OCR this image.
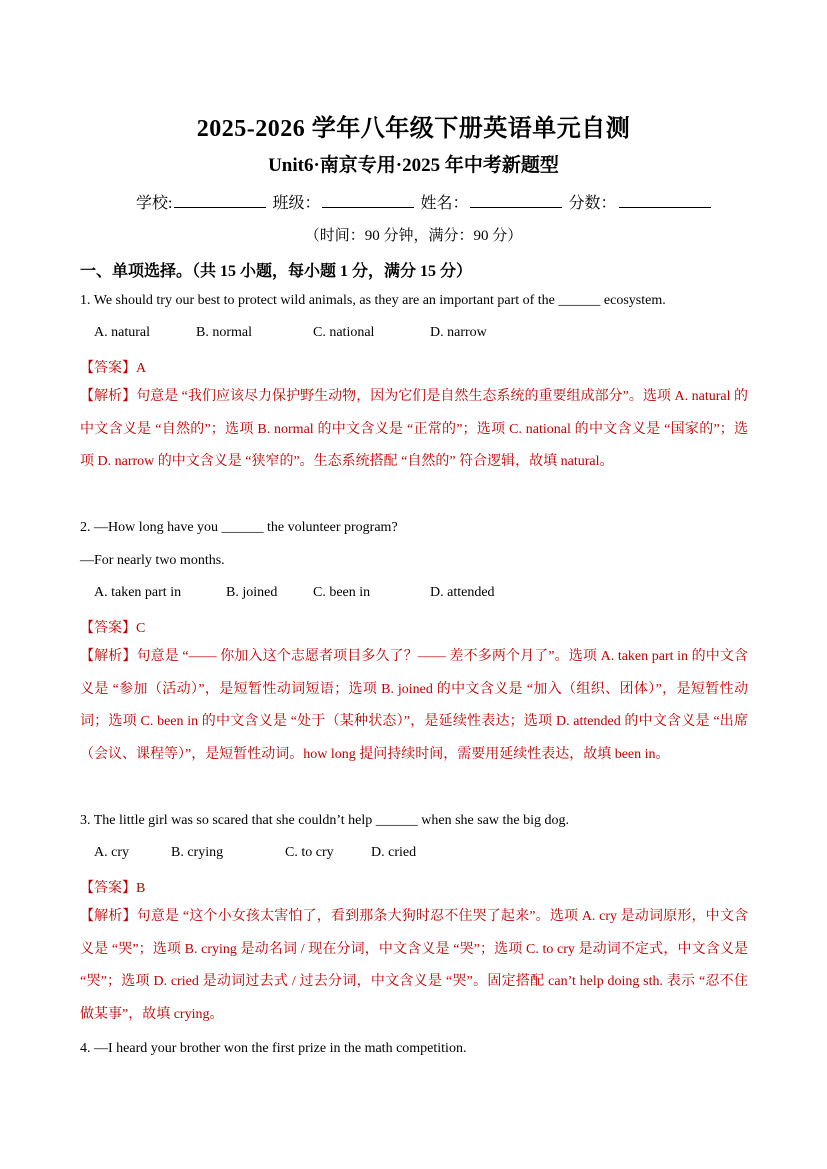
2025-2026 学年八年级下册英语单元自测
Unit6·南京专用·2025 年中考新题型
学校:	班级：	姓名：	分数：
（时间：90 分钟，满分：90 分）
一、单项选择。（共 15 小题，每小题 1 分，满分 15 分）
1. We should try our best to protect wild animals, as they are an important part of the ______ ecosystem.
A. natural	B. normal	C. national	D. narrow
【答案】A
【解析】句意是 “我们应该尽力保护野生动物，因为它们是自然生态系统的重要组成部分”。选项 A. natural 的中文含义是 “自然的”；选项 B. normal 的中文含义是 “正常的”；选项 C. national 的中文含义是 “国家的”；选项 D. narrow 的中文含义是 “狭窄的”。生态系统搭配 “自然的” 符合逻辑，故填 natural。
2. —How long have you ______ the volunteer program?
—For nearly two months.
A. taken part in	B. joined	C. been in	D. attended
【答案】C
【解析】句意是 “—— 你加入这个志愿者项目多久了？—— 差不多两个月了”。选项 A. taken part in 的中文含义是 “参加（活动）”，是短暂性动词短语；选项 B. joined 的中文含义是 “加入（组织、团体）”，是短暂性动词；选项 C. been in 的中文含义是 “处于（某种状态）”，是延续性表达；选项 D. attended 的中文含义是 “出席（会议、课程等）”，是短暂性动词。how long 提问持续时间，需要用延续性表达，故填 been in。
3. The little girl was so scared that she couldn’t help ______ when she saw the big dog.
A. cry	B. crying	C. to cry	D. cried
【答案】B
【解析】句意是 “这个小女孩太害怕了，看到那条大狗时忍不住哭了起来”。选项 A. cry 是动词原形，中文含义是 “哭”；选项 B. crying 是动名词 / 现在分词，中文含义是 “哭”；选项 C. to cry 是动词不定式，中文含义是 “哭”；选项 D. cried 是动词过去式 / 过去分词，中文含义是 “哭”。固定搭配 can’t help doing sth. 表示 “忍不住做某事”，故填 crying。
4. —I heard your brother won the first prize in the math competition.
